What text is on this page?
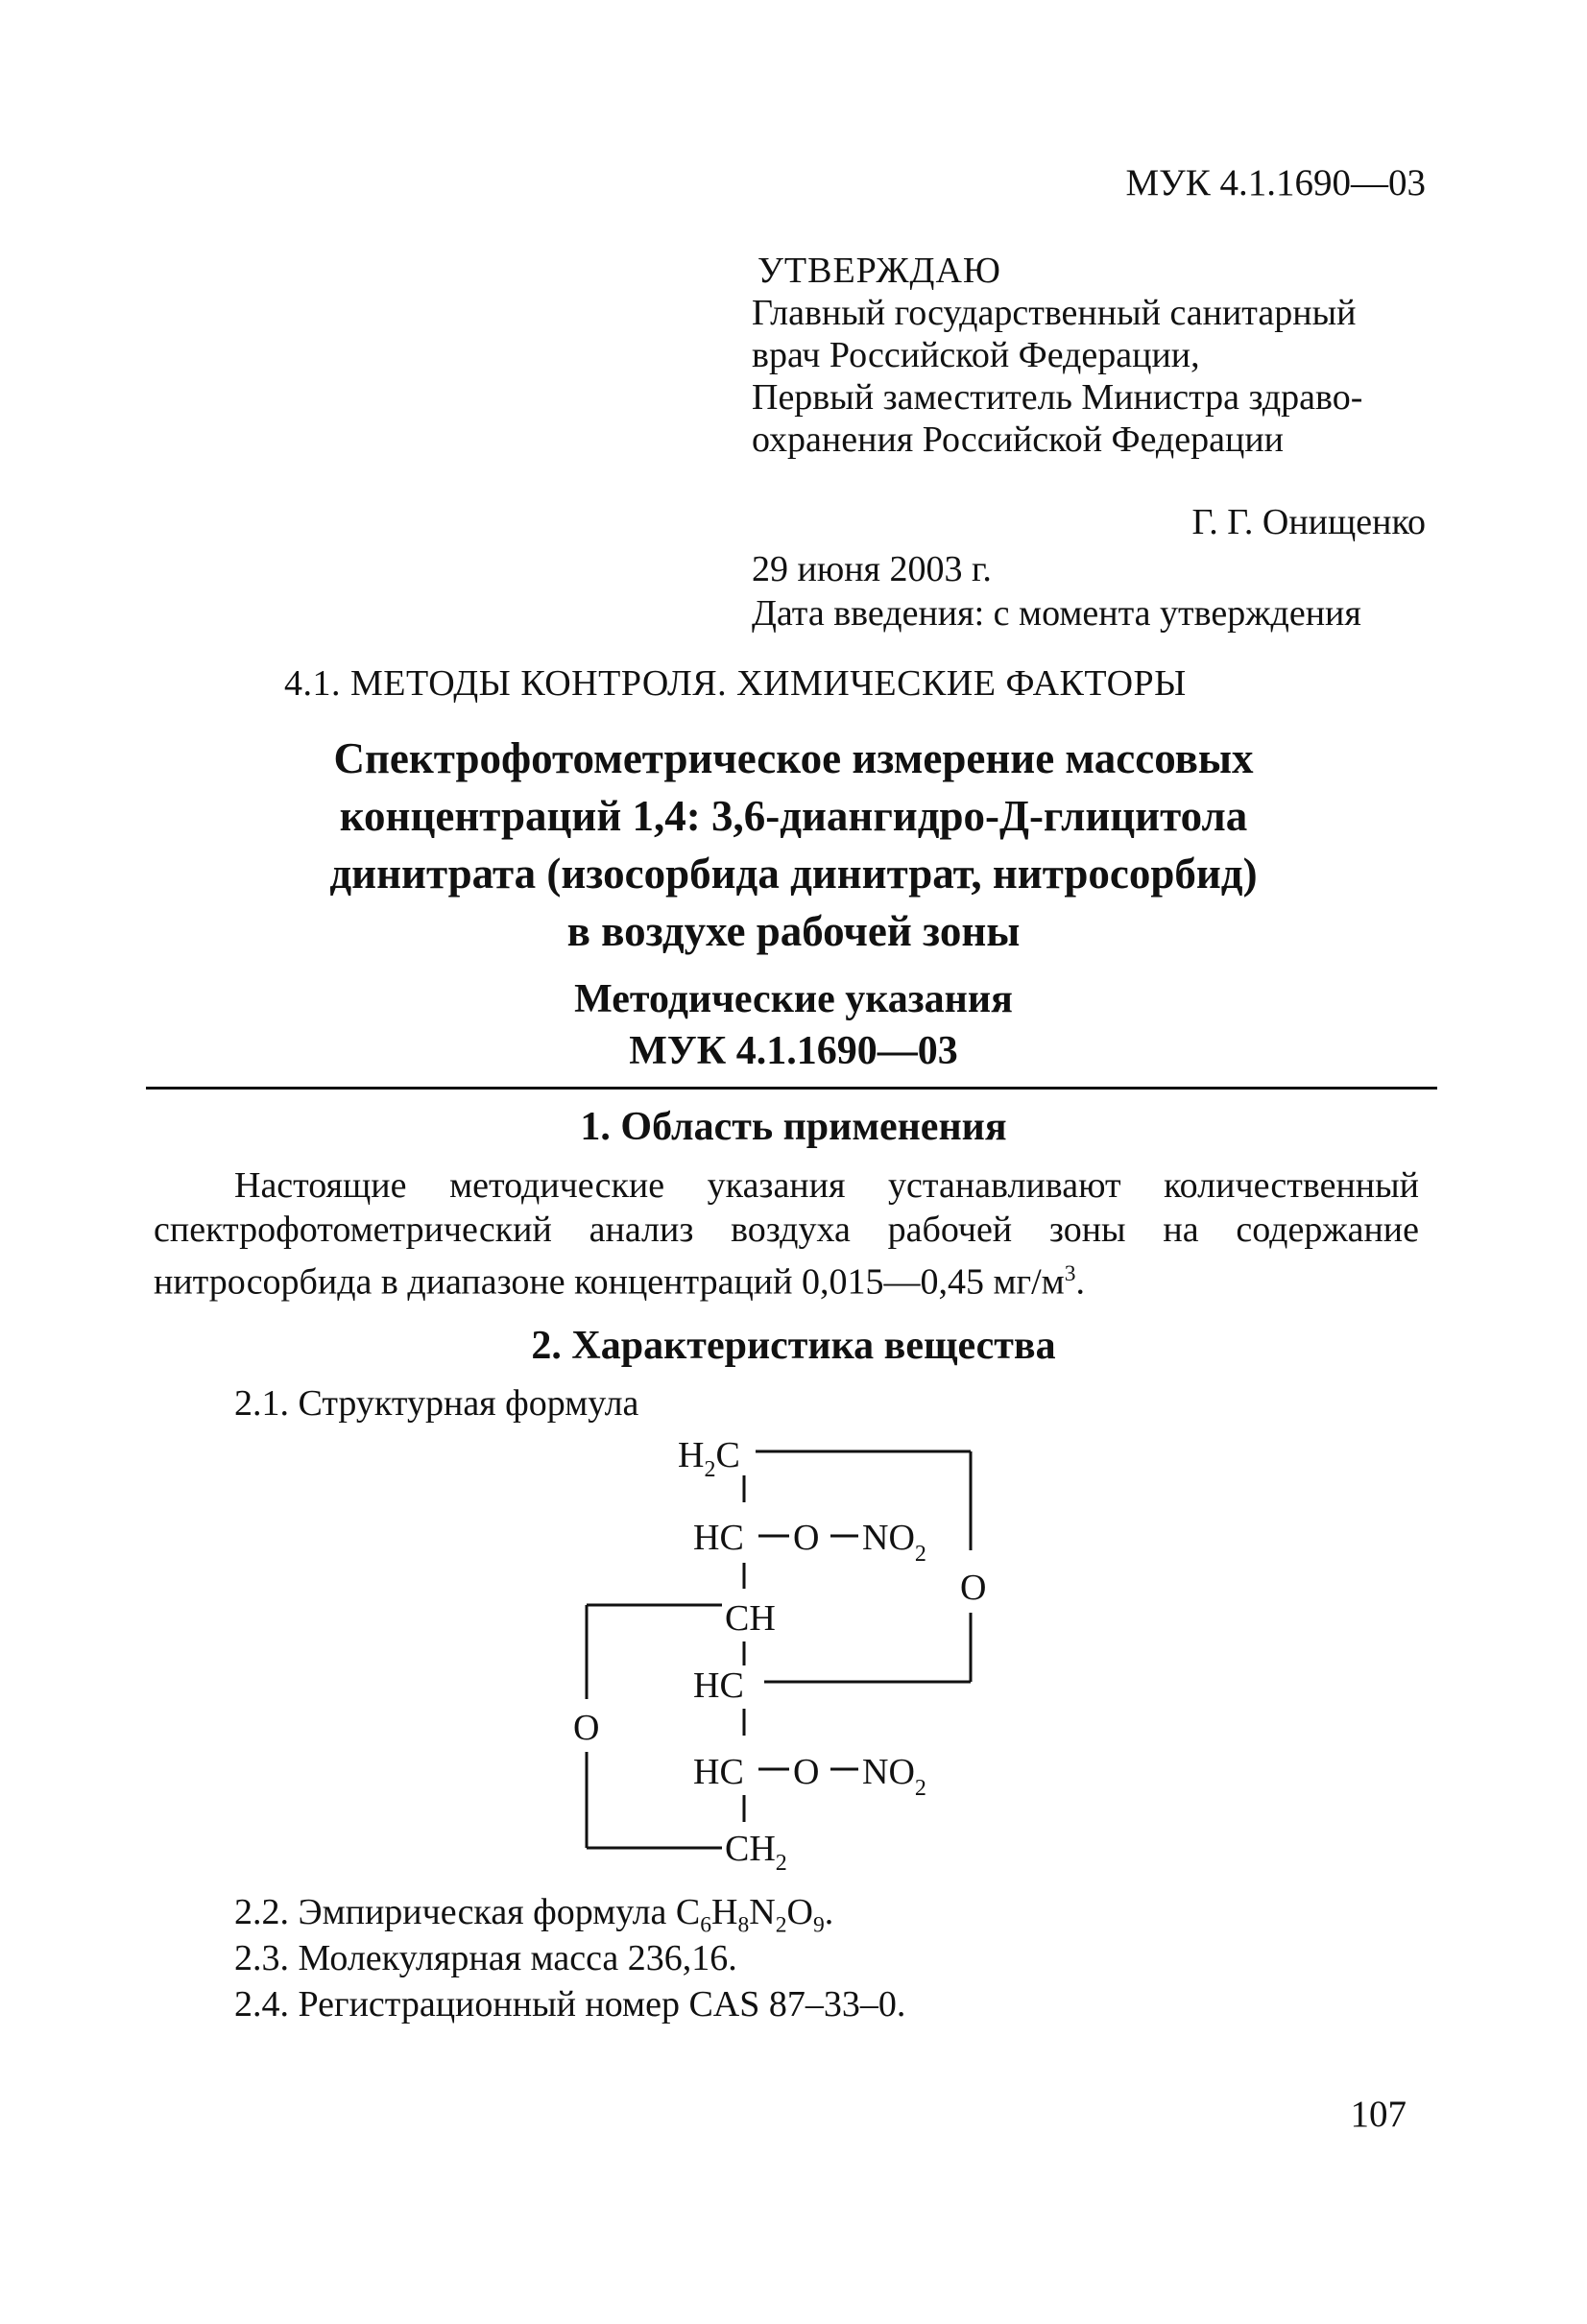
МУК 4.1.1690—03
УТВЕРЖДАЮ
Главный государственный санитарный
врач Российской Федерации,
Первый заместитель Министра здраво-
охранения Российской Федерации
Г. Г. Онищенко
29 июня 2003 г.
Дата введения: с момента утверждения
4.1. МЕТОДЫ КОНТРОЛЯ. ХИМИЧЕСКИЕ ФАКТОРЫ
Спектрофотометрическое измерение массовых
концентраций 1,4: 3,6-диангидро-Д-глицитола
динитрата (изосорбида динитрат, нитросорбид)
в воздухе рабочей зоны
Методические указания
МУК 4.1.1690—03
1. Область применения
Настоящие методические указания устанавливают количественный спектрофотометрический анализ воздуха рабочей зоны на содержание нитросорбида в диапазоне концентраций 0,015—0,45 $мг/м^3$.
2. Характеристика вещества
2.1. Структурная формула
$H_2C$
HC O $NO_2$
O
CH
HC
O
HC O $NO_2$
$CH_2$
2.2. Эмпирическая формула $C_6H_8N_2O_9$.
2.3. Молекулярная масса 236,16.
2.4. Регистрационный номер CAS 87–33–0.
107
